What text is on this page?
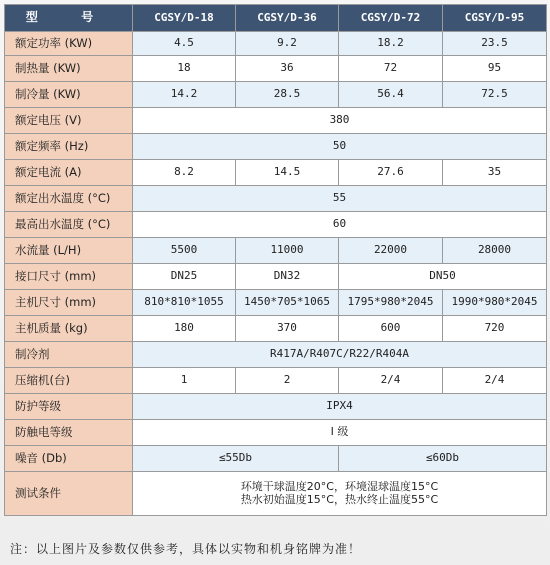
型 号	CGSY/D-18	CGSY/D-36	CGSY/D-72	CGSY/D-95
额定功率 (KW)	4.5	9.2	18.2	23.5
制热量 (KW)	18	36	72	95
制冷量 (KW)	14.2	28.5	56.4	72.5
额定电压 (V)	380			
额定频率 (Hz)	50			
额定电流 (A)	8.2	14.5	27.6	35
额定出水温度 (°C)	55			
最高出水温度 (°C)	60			
水流量 (L/H)	5500	11000	22000	28000
接口尺寸 (mm)	DN25	DN32	DN50	
主机尺寸 (mm)	810*810*1055	1450*705*1065	1795*980*2045	1990*980*2045
主机质量 (kg)	180	370	600	720
制冷剂	R417A/R407C/R22/R404A			
压缩机(台)	1	2	2/4	2/4
防护等级	IPX4			
防触电等级	I 级			
噪音 (Db)	≤55Db		≤60Db	
测试条件	环境干球温度20°C，环境湿球温度15°C
热水初始温度15°C，热水终止温度55°C			
注：以上图片及参数仅供参考，具体以实物和机身铭牌为准！
